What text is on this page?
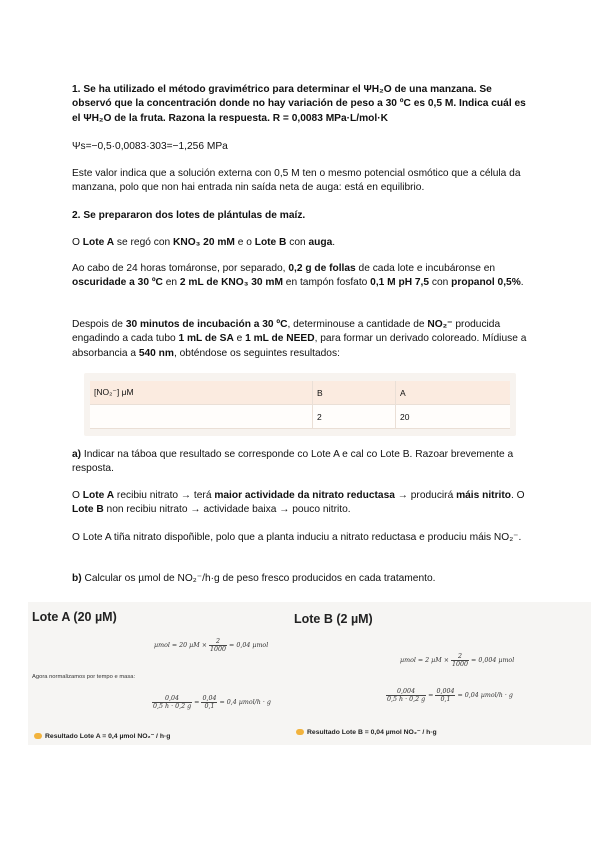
1. Se ha utilizado el método gravimétrico para determinar el ΨH₂O de una manzana. Se observó que la concentración donde no hay variación de peso a 30 ºC es 0,5 M. Indica cuál es el ΨH₂O de la fruta. Razona la respuesta. R = 0,0083 MPa·L/mol·K
Ψs=−0,5·0,0083·303=−1,256 MPa
Este valor indica que a solución externa con 0,5 M ten o mesmo potencial osmótico que a célula da manzana, polo que non hai entrada nin saída neta de auga: está en equilibrio.
2. Se prepararon dos lotes de plántulas de maíz.
O Lote A se regó con KNO₃ 20 mM e o Lote B con auga.
Ao cabo de 24 horas tomáronse, por separado, 0,2 g de follas de cada lote e incubáronse en oscuridade a 30 ºC en 2 mL de KNO₃ 30 mM en tampón fosfato 0,1 M pH 7,5 con propanol 0,5%.
Despois de 30 minutos de incubación a 30 ºC, determinouse a cantidade de NO₂⁻ producida engadindo a cada tubo 1 mL de SA e 1 mL de NEED, para formar un derivado coloreado. Mídiuse a absorbancia a 540 nm, obténdose os seguintes resultados:
[NO₂⁻] μM	B	A
	2	20
a) Indicar na táboa que resultado se corresponde co Lote A e cal co Lote B. Razoar brevemente a resposta.
O Lote A recibiu nitrato → terá maior actividade da nitrato reductasa → producirá máis nitrito. O Lote B non recibiu nitrato → actividade baixa → pouco nitrito.
O Lote A tiña nitrato dispoñible, polo que a planta induciu a nitrato reductasa e produciu máis NO₂⁻.
b) Calcular os µmol de NO₂⁻/h·g de peso fresco producidos en cada tratamento.
Lote A (20 µM)
µmol = 20 $\mu M \times \frac{2}{1000} = 0,04$ µmol
Agora normalizamos por tempo e masa:
$\frac{0,04}{0,5 h \cdot 0,2 g} = \frac{0,04}{0,1} = 0,4$ µmol/h · g
Resultado Lote A = 0,4 µmol NO₂⁻ / h·g
Lote B (2 µM)
µmol = 2 $\mu M \times \frac{2}{1000} = 0,004$ µmol
$\frac{0,004}{0,5 h \cdot 0,2 g} = \frac{0,004}{0,1} = 0,04$ µmol/h · g
Resultado Lote B = 0,04 µmol NO₂⁻ / h·g
